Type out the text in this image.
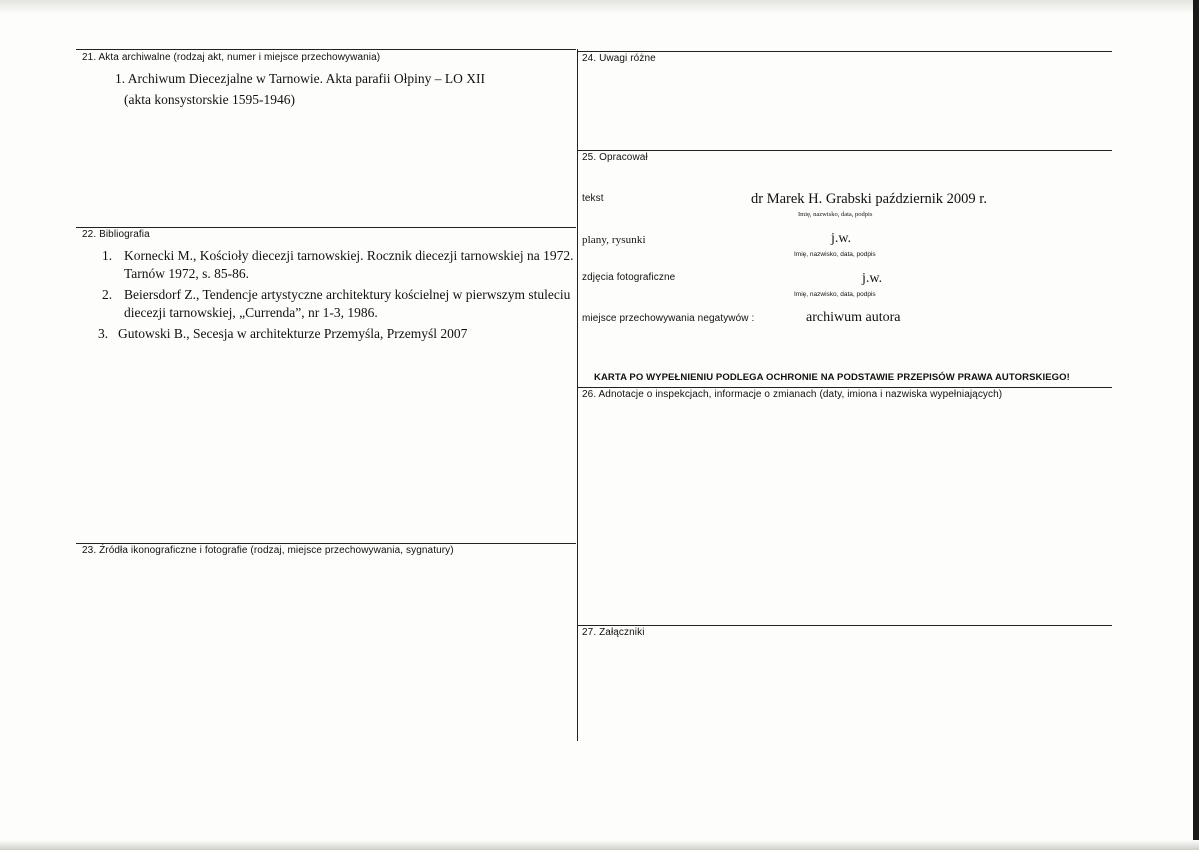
21. Akta archiwalne (rodzaj akt, numer i miejsce przechowywania)
1. Archiwum Diecezjalne w Tarnowie. Akta parafii Ołpiny – LO XII
(akta konsystorskie 1595-1946)
22. Bibliografia
1. Kornecki M., Kościoły diecezji tarnowskiej. Rocznik diecezji tarnowskiej na 1972.
Tarnów 1972, s. 85-86.
2. Beiersdorf Z., Tendencje artystyczne architektury kościelnej w pierwszym stuleciu
diecezji tarnowskiej, „Currenda”, nr 1-3, 1986.
3. Gutowski B., Secesja w architekturze Przemyśla, Przemyśl 2007
23. Źródła ikonograficzne i fotografie (rodzaj, miejsce przechowywania, sygnatury)
24. Uwagi różne
25. Opracował
tekst	dr Marek H. Grabski październik 2009 r.
Imię, nazwisko, data, podpis
plany, rysunki	j.w.
Imię, nazwisko, data, podpis
zdjęcia fotograficzne	j.w.
Imię, nazwisko, data, podpis
miejsce przechowywania negatywów :	archiwum autora
KARTA PO WYPEŁNIENIU PODLEGA OCHRONIE NA PODSTAWIE PRZEPISÓW PRAWA AUTORSKIEGO!
26. Adnotacje o inspekcjach, informacje o zmianach (daty, imiona i nazwiska wypełniających)
27. Załączniki
